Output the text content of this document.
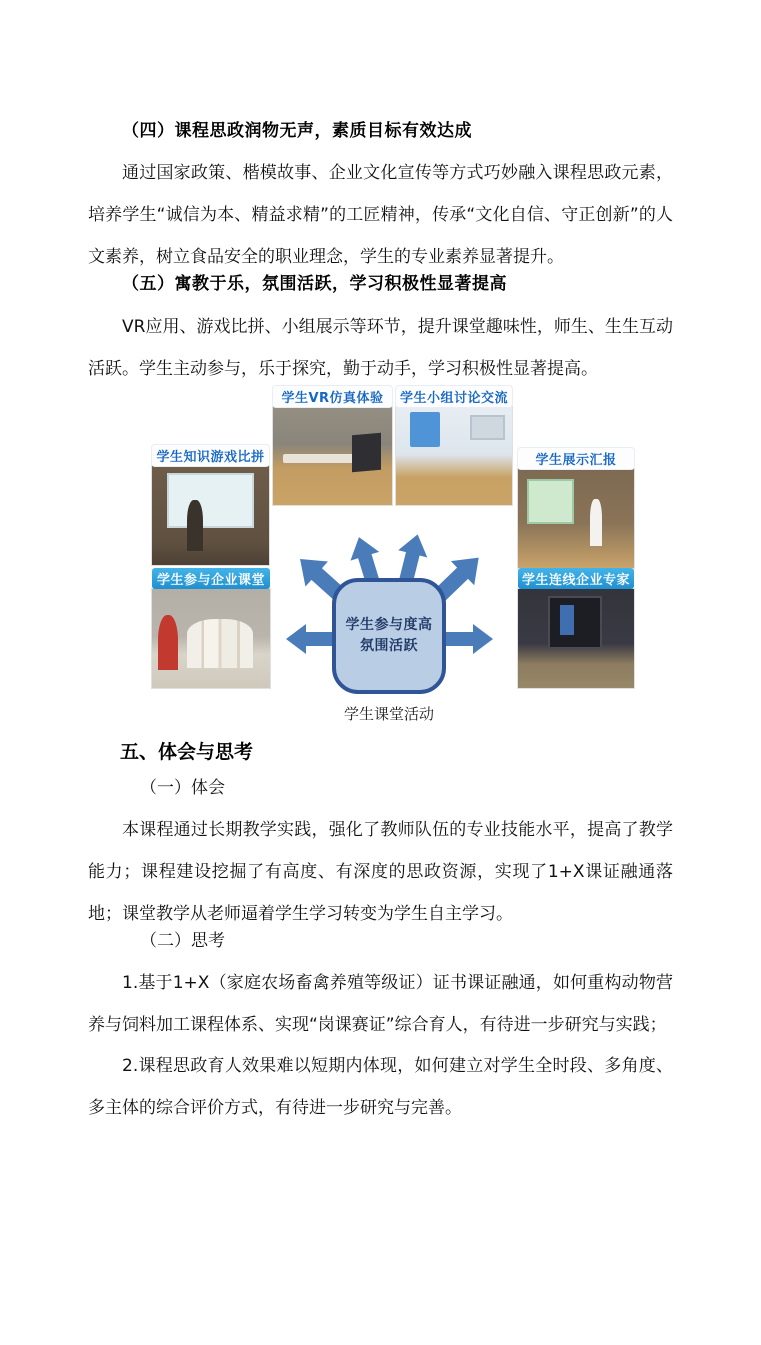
（四）课程思政润物无声，素质目标有效达成
通过国家政策、楷模故事、企业文化宣传等方式巧妙融入课程思政元素，培养学生“诚信为本、精益求精”的工匠精神，传承“文化自信、守正创新”的人文素养，树立食品安全的职业理念，学生的专业素养显著提升。
（五）寓教于乐，氛围活跃，学习积极性显著提高
VR应用、游戏比拼、小组展示等环节，提升课堂趣味性，师生、生生互动活跃。学生主动参与，乐于探究，勤于动手，学习积极性显著提高。
学生VR仿真体验	学生小组讨论交流
学生知识游戏比拼	学生展示汇报
学生参与企业课堂	学生连线企业专家
学生参与度高
氛围活跃
学生课堂活动
五、体会与思考
（一）体会
本课程通过长期教学实践，强化了教师队伍的专业技能水平，提高了教学能力；课程建设挖掘了有高度、有深度的思政资源，实现了1+X课证融通落地；课堂教学从老师逼着学生学习转变为学生自主学习。
（二）思考
1.基于1+X（家庭农场畜禽养殖等级证）证书课证融通，如何重构动物营养与饲料加工课程体系、实现“岗课赛证”综合育人，有待进一步研究与实践；
2.课程思政育人效果难以短期内体现，如何建立对学生全时段、多角度、多主体的综合评价方式，有待进一步研究与完善。
